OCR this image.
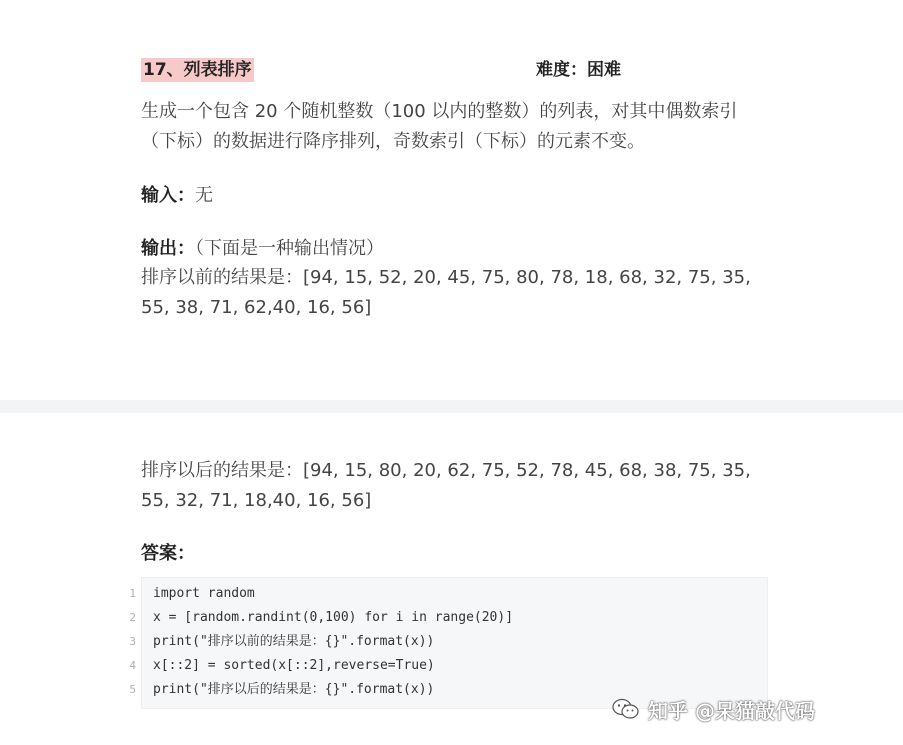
17、列表排序	难度：困难
生成一个包含 20 个随机整数（100 以内的整数）的列表，对其中偶数索引（下标）的数据进行降序排列，奇数索引（下标）的元素不变。
输入：无
输出：（下面是一种输出情况）
排序以前的结果是：[94, 15, 52, 20, 45, 75, 80, 78, 18, 68, 32, 75, 35, 55, 38, 71, 62,40, 16, 56]
排序以后的结果是：[94, 15, 80, 20, 62, 75, 52, 78, 45, 68, 38, 75, 35, 55, 32, 71, 18,40, 16, 56]
答案：
1 import random
2 x = [random.randint(0,100) for i in range(20)]
3 print("排序以前的结果是：{}".format(x))
4 x[::2] = sorted(x[::2],reverse=True)
5 print("排序以后的结果是：{}".format(x))
知乎 @呆猫敲代码
